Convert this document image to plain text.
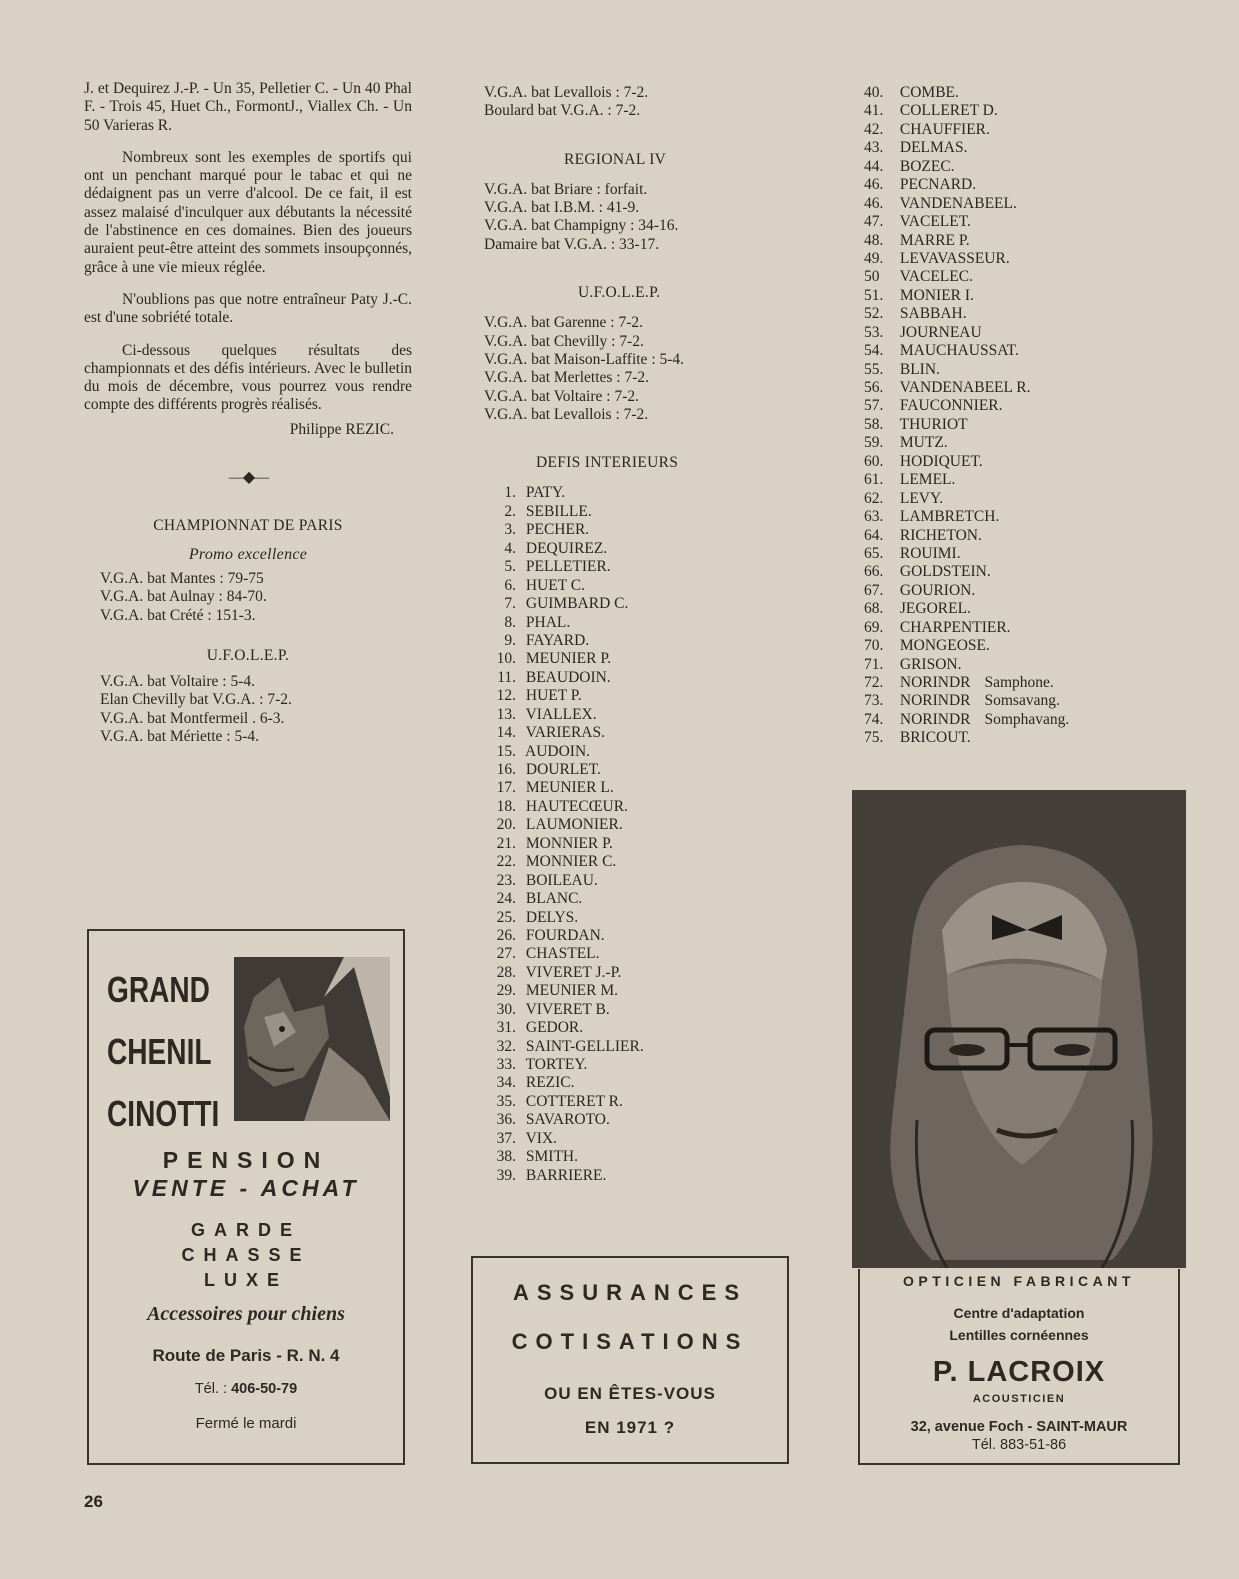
J. et Dequirez J.-P. - Un 35, Pelletier C. - Un 40 Phal F. - Trois 45, Huet Ch., FormontJ., Viallex Ch. - Un 50 Varieras R.

Nombreux sont les exemples de sportifs qui ont un penchant marqué pour le tabac et qui ne dédaignent pas un verre d'alcool. De ce fait, il est assez malaisé d'inculquer aux débutants la nécessité de l'abstinence en ces domaines. Bien des joueurs auraient peut-être atteint des sommets insoupçonnés, grâce à une vie mieux réglée.

N'oublions pas que notre entraîneur Paty J.-C. est d'une sobriété totale.

Ci-dessous quelques résultats des championnats et des défis intérieurs. Avec le bulletin du mois de décembre, vous pourrez vous rendre compte des différents progrès réalisés.

Philippe REZIC.
—◆—
CHAMPIONNAT DE PARIS
Promo excellence
V.G.A. bat Mantes : 79-75
V.G.A. bat Aulnay : 84-70.
V.G.A. bat Crété : 151-3.
U.F.O.L.E.P.
V.G.A. bat Voltaire : 5-4.
Elan Chevilly bat V.G.A. : 7-2.
V.G.A. bat Montfermeil . 6-3.
V.G.A. bat Mériette : 5-4.
V.G.A. bat Levallois : 7-2.
Boulard bat V.G.A. : 7-2.
REGIONAL IV
V.G.A. bat Briare : forfait.
V.G.A. bat I.B.M. : 41-9.
V.G.A. bat Champigny : 34-16.
Damaire bat V.G.A. : 33-17.
U.F.O.L.E.P.
V.G.A. bat Garenne : 7-2.
V.G.A. bat Chevilly : 7-2.
V.G.A. bat Maison-Laffite : 5-4.
V.G.A. bat Merlettes : 7-2.
V.G.A. bat Voltaire : 7-2.
V.G.A. bat Levallois : 7-2.
DEFIS INTERIEURS
1. PATY.
2. SEBILLE.
3. PECHER.
4. DEQUIREZ.
5. PELLETIER.
6. HUET C.
7. GUIMBARD C.
8. PHAL.
9. FAYARD.
10. MEUNIER P.
11. BEAUDOIN.
12. HUET P.
13. VIALLEX.
14. VARIERAS.
15. AUDOIN.
16. DOURLET.
17. MEUNIER L.
18. HAUTECŒUR.
20. LAUMONIER.
21. MONNIER P.
22. MONNIER C.
23. BOILEAU.
24. BLANC.
25. DELYS.
26. FOURDAN.
27. CHASTEL.
28. VIVERET J.-P.
29. MEUNIER M.
30. VIVERET B.
31. GEDOR.
32. SAINT-GELLIER.
33. TORTEY.
34. REZIC.
35. COTTERET R.
36. SAVAROTO.
37. VIX.
38. SMITH.
39. BARRIERE.
40. COMBE.
41. COLLERET D.
42. CHAUFFIER.
43. DELMAS.
44. BOZEC.
46. PECNARD.
46. VANDENABEEL.
47. VACELET.
48. MARRE P.
49. LEVAVASSEUR.
50 VACELEC.
51. MONIER I.
52. SABBAH.
53. JOURNEAU
54. MAUCHAUSSAT.
55. BLIN.
56. VANDENABEEL R.
57. FAUCONNIER.
58. THURIOT
59. MUTZ.
60. HODIQUET.
61. LEMEL.
62. LEVY.
63. LAMBRETCH.
64. RICHETON.
65. ROUIMI.
66. GOLDSTEIN.
67. GOURION.
68. JEGOREL.
69. CHARPENTIER.
70. MONGEOSE.
71. GRISON.
72. NORINDR Samphone.
73. NORINDR Somsavang.
74. NORINDR Somphavang.
75. BRICOUT.
GRAND
CHENIL
CINOTTI
PENSION
VENTE - ACHAT
GARDE
CHASSE
LUXE
Accessoires pour chiens
Route de Paris - R. N. 4
Tél. : 406-50-79
Fermé le mardi
ASSURANCES
COTISATIONS
OU EN ÊTES-VOUS
EN 1971 ?
OPTICIEN FABRICANT
Centre d'adaptation
Lentilles cornéennes
P. LACROIX
ACOUSTICIEN
32, avenue Foch - SAINT-MAUR
Tél. 883-51-86
26
